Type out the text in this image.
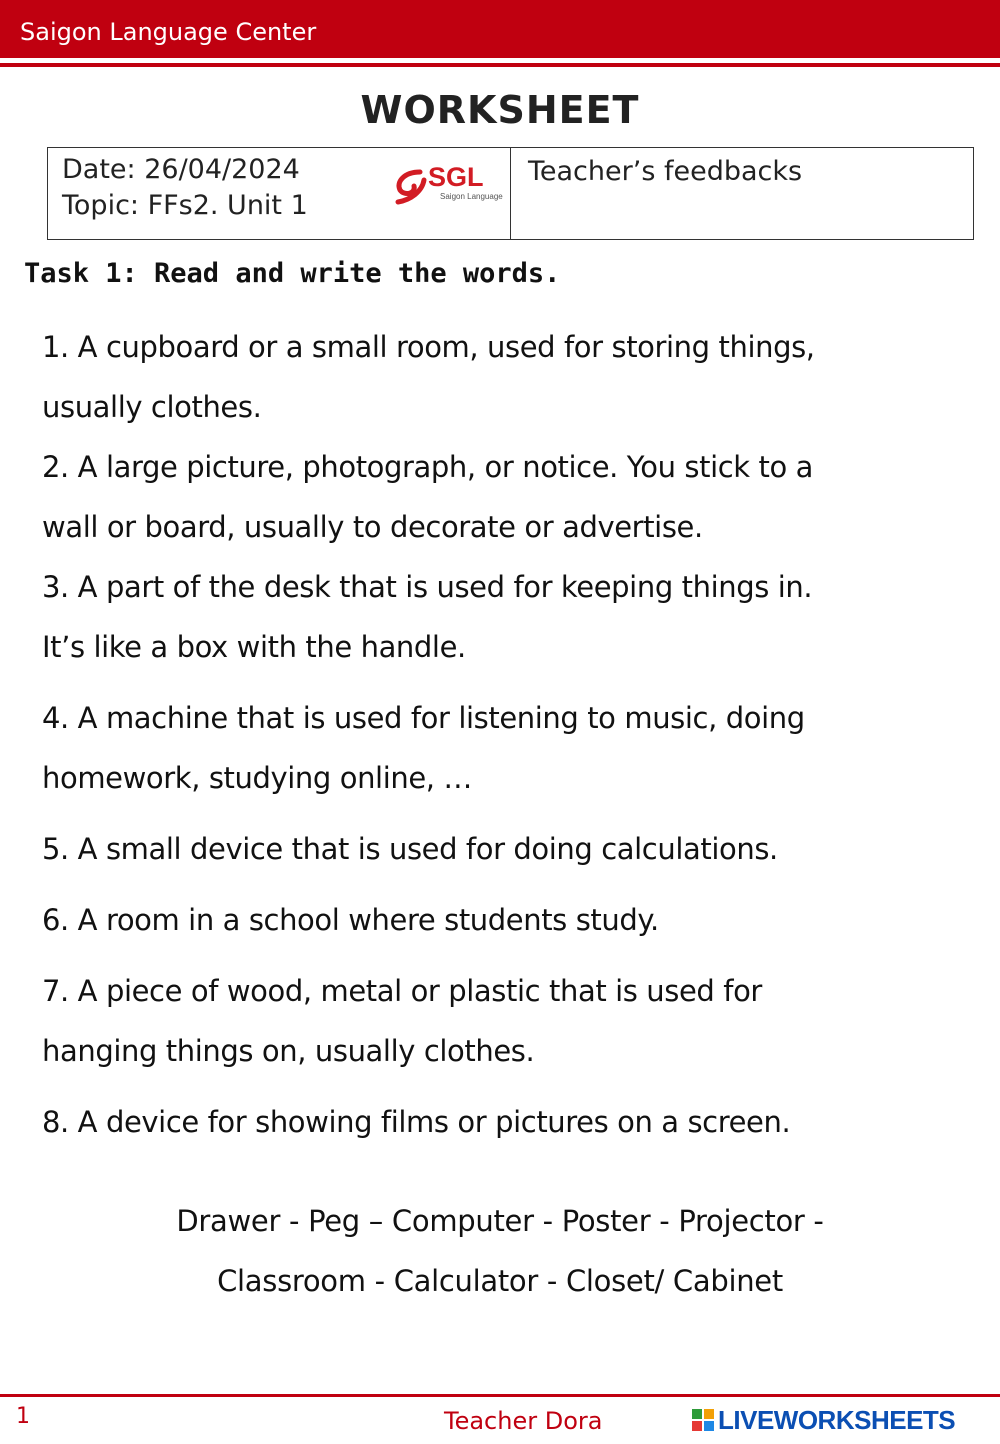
Saigon Language Center
WORKSHEET
Date: 26/04/2024
Topic: FFs2. Unit 1
SGL
Saigon Language
Teacher’s feedbacks
Task 1: Read and write the words.
1. A cupboard or a small room, used for storing things,
usually clothes.
2. A large picture, photograph, or notice. You stick to a
wall or board, usually to decorate or advertise.
3. A part of the desk that is used for keeping things in.
It’s like a box with the handle.
4. A machine that is used for listening to music, doing
homework, studying online, …
5. A small device that is used for doing calculations.
6. A room in a school where students study.
7. A piece of wood, metal or plastic that is used for
hanging things on, usually clothes.
8. A device for showing films or pictures on a screen.
Drawer - Peg – Computer - Poster - Projector -
Classroom - Calculator - Closet/ Cabinet
1	Teacher Dora	LIVEWORKSHEETS
